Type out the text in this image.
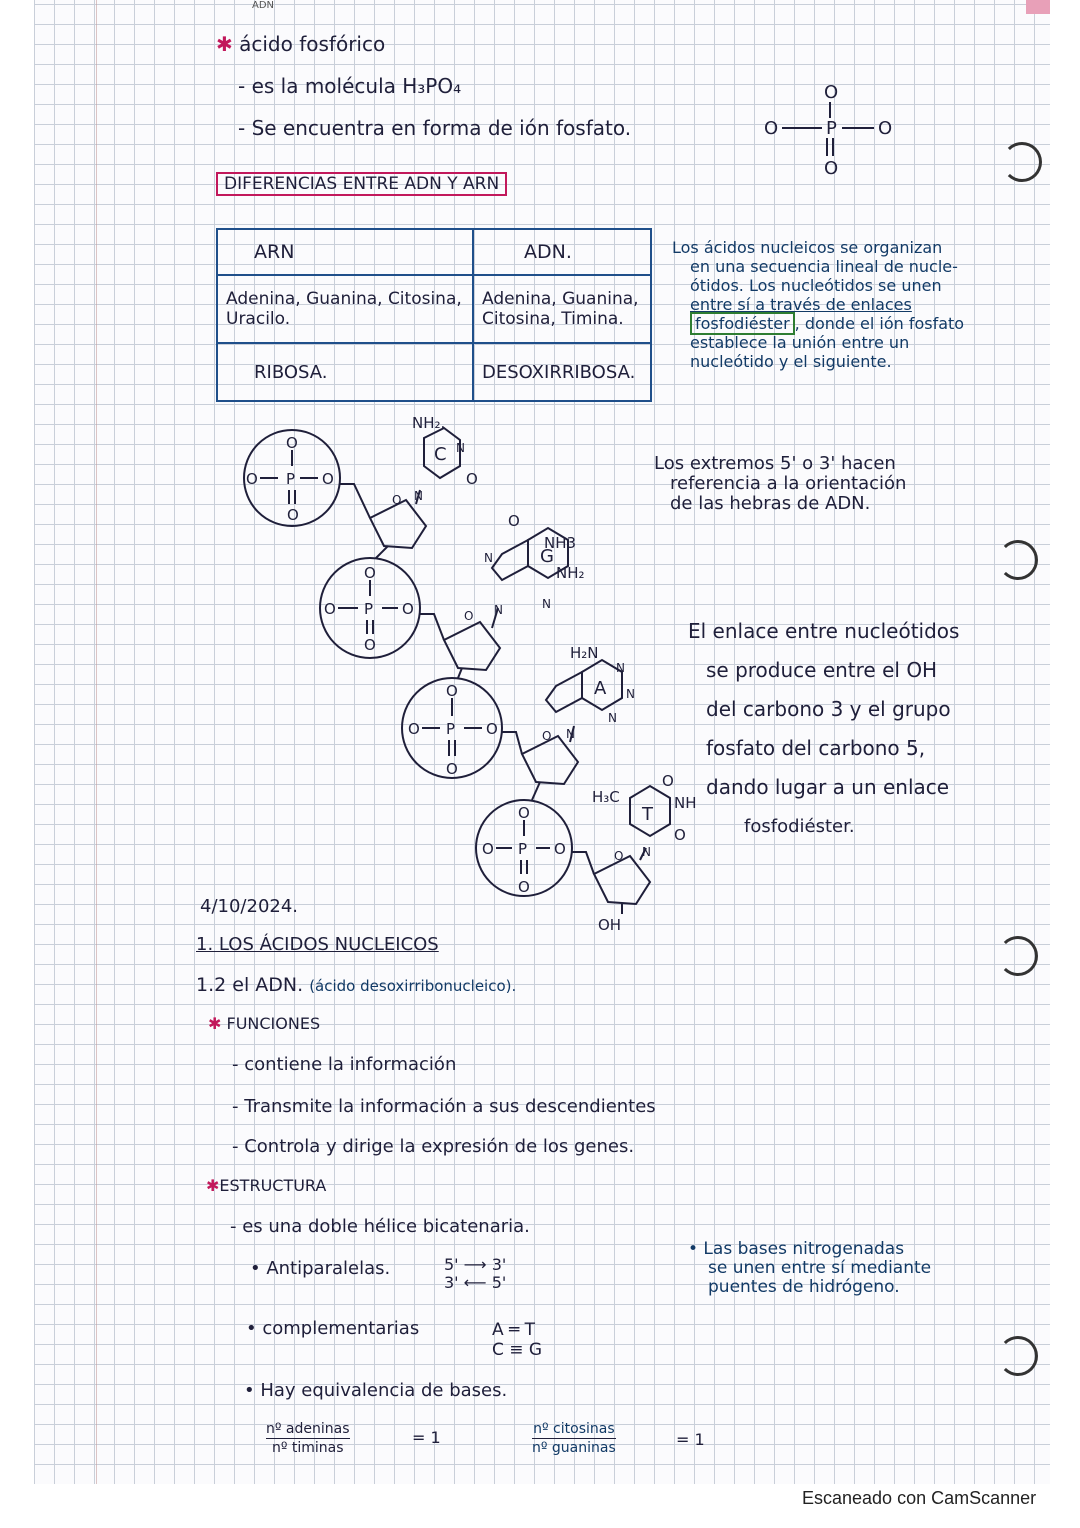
ADN
✱ ácido fosfórico
- es la molécula H₃PO₄
- Se encuentra en forma de ión fosfato.
O
O	P O
O
DIFERENCIAS ENTRE ADN Y ARN
ARN	ADN.
Adenina, Guanina, Citosina, Uracilo.	Adenina, Guanina, Citosina, Timina.
RIBOSA.	DESOXIRRIBOSA.
Los ácidos nucleicos se organizan
en una secuencia lineal de nucle-
ótidos. Los nucleótidos se unen
entre sí a través de enlaces
fosfodiéster , donde el ión fosfato
establece la unión entre un
nucleótido y el siguiente.
O
O P O
O
O
O P O
O
O
O P O
O
O
O P O
O
O
O
O
O
C
G
A
T
NH₂.
N
O
N
O
NH3
NH₂
N
N
N
H₂N
N
N
N
N
H₃C	NH
O
O
N
OH
Los extremos 5' o 3' hacen
referencia a la orientación
de las hebras de ADN.
El enlace entre nucleótidos
se produce entre el OH
del carbono 3 y el grupo
fosfato del carbono 5,
dando lugar a un enlace
fosfodiéster.
4/10/2024.
1. LOS ÁCIDOS NUCLEICOS
1.2 el ADN. (ácido desoxirribonucleico).
✱ FUNCIONES
- contiene la información
- Transmite la información a sus descendientes
- Controla y dirige la expresión de los genes.
✱ESTRUCTURA
- es una doble hélice bicatenaria.
• Antiparalelas.	5' ⟶ 3'
3' ⟵ 5'
• complementarias	A ═ T
C ≡ G
• Las bases nitrogenadas
se unen entre sí mediante
puentes de hidrógeno.
• Hay equivalencia de bases.
nº adeninas
nº timinas
= 1	nº citosinas
nº guaninas	= 1
Escaneado con CamScanner
